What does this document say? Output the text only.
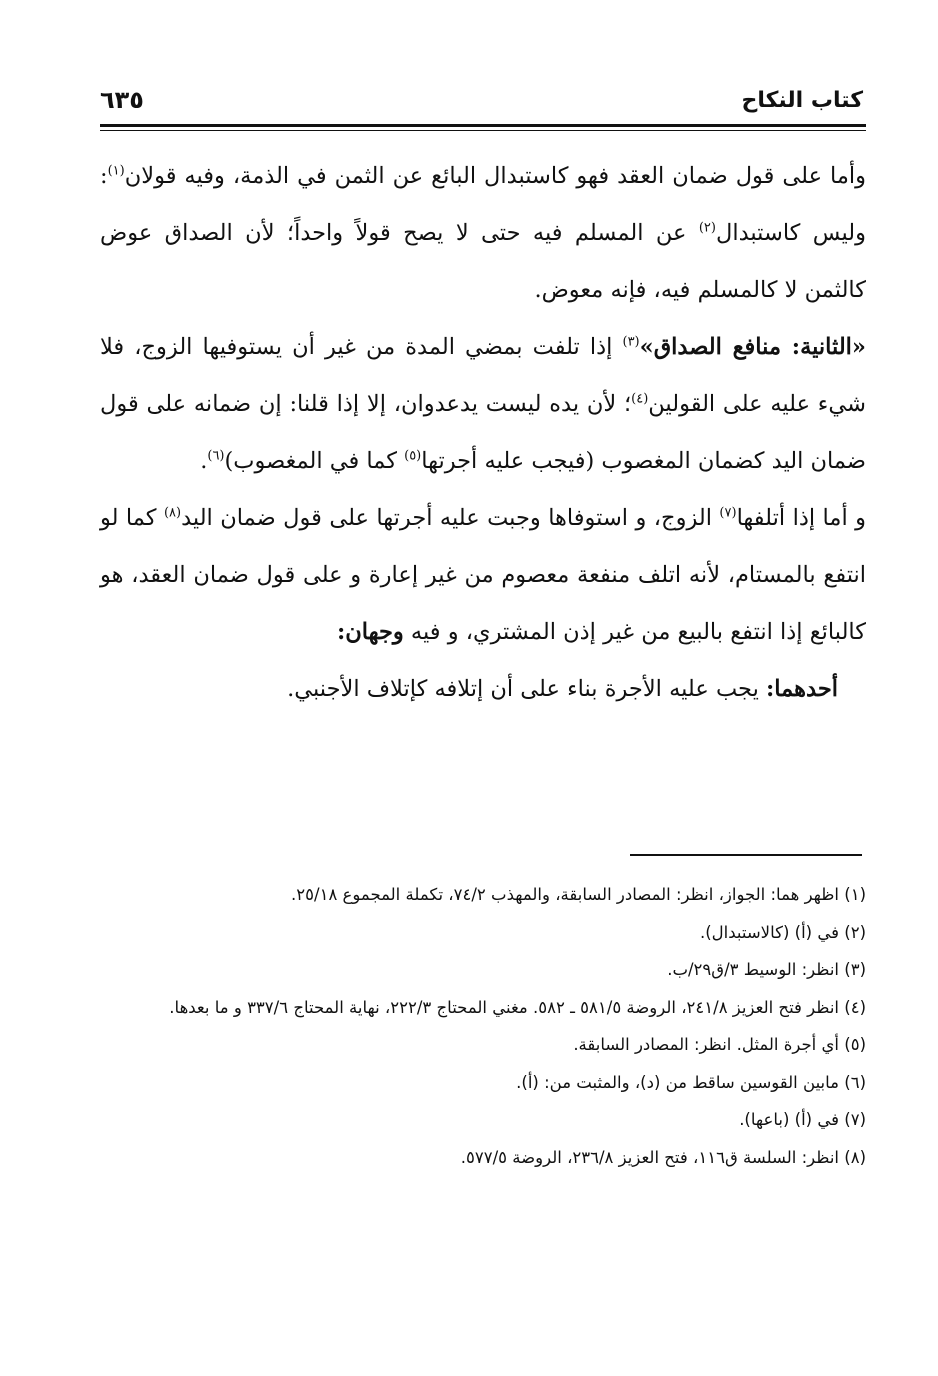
كتاب النكاح
٦٣٥

وأما على قول ضمان العقد فهو كاستبدال البائع عن الثمن في الذمة، وفيه قولان$^{(١)}$: وليس كاستبدال$^{(٢)}$ عن المسلم فيه حتى لا يصح قولاً واحداً؛ لأن الصداق عوض كالثمن لا كالمسلم فيه، فإنه معوض.

«الثانية: منافع الصداق»$^{(٣)}$ إذا تلفت بمضي المدة من غير أن يستوفيها الزوج، فلا شيء عليه على القولين$^{(٤)}$؛ لأن يده ليست يدعدوان، إلا إذا قلنا: إن ضمانه على قول ضمان اليد كضمان المغصوب (فيجب عليه أجرتها$^{(٥)}$ كما في المغصوب)$^{(٦)}$.

و أما إذا أتلفها$^{(٧)}$ الزوج، و استوفاها وجبت عليه أجرتها على قول ضمان اليد$^{(٨)}$ كما لو انتفع بالمستام، لأنه اتلف منفعة معصوم من غير إعارة و على قول ضمان العقد، هو كالبائع إذا انتفع بالبيع من غير إذن المشتري، و فيه وجهان:

أحدهما: يجب عليه الأجرة بناء على أن إتلافه كإتلاف الأجنبي.

(١) اظهر هما: الجواز، انظر: المصادر السابقة، والمهذب ٧٤/٢، تكملة المجموع ٢٥/١٨.
(٢) في (أ) (كالاستبدال).
(٣) انظر: الوسيط ٣/ق٢٩/ب.
(٤) انظر فتح العزيز ٢٤١/٨، الروضة ٥٨١/٥ ـ ٥٨٢. مغني المحتاج ٢٢٢/٣، نهاية المحتاج ٣٣٧/٦ و ما بعدها.
(٥) أي أجرة المثل. انظر: المصادر السابقة.
(٦) مابين القوسين ساقط من (د)، والمثبت من: (أ).
(٧) في (أ) (باعها).
(٨) انظر: السلسة ق١١٦، فتح العزيز ٢٣٦/٨، الروضة ٥٧٧/٥.
